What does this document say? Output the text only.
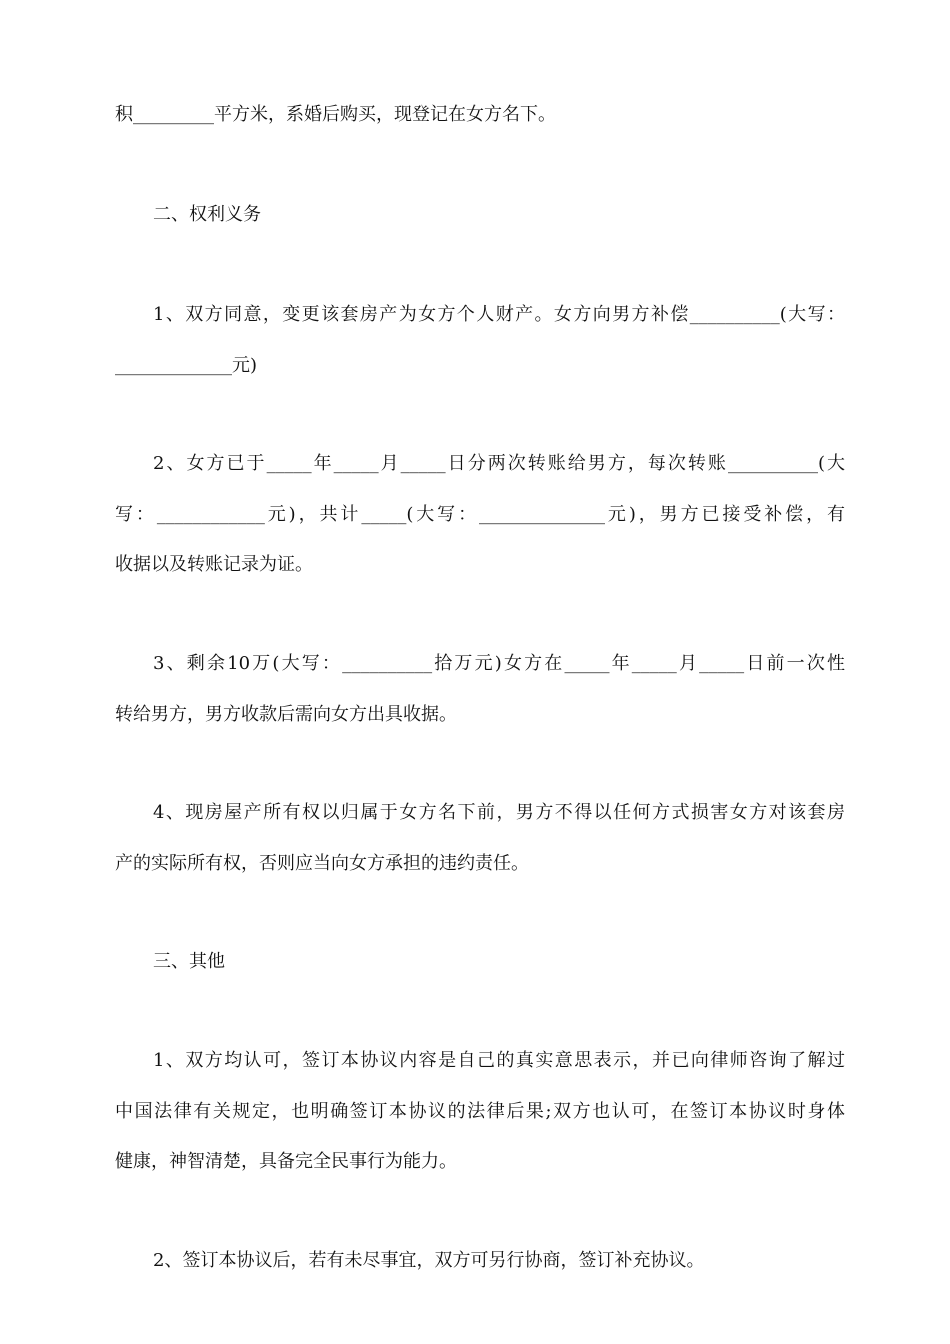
积_________平方米，系婚后购买，现登记在女方名下。
二、权利义务
1、双方同意，变更该套房产为女方个人财产。女方向男方补偿__________(大写：
_____________元)
2、女方已于_____年_____月_____日分两次转账给男方，每次转账__________(大
写：____________元)，共计_____(大写：______________元)，男方已接受补偿，有
收据以及转账记录为证。
3、剩余10万(大写：__________拾万元)女方在_____年_____月_____日前一次性
转给男方，男方收款后需向女方出具收据。
4、现房屋产所有权以归属于女方名下前，男方不得以任何方式损害女方对该套房
产的实际所有权，否则应当向女方承担的违约责任。
三、其他
1、双方均认可，签订本协议内容是自己的真实意思表示，并已向律师咨询了解过
中国法律有关规定，也明确签订本协议的法律后果;双方也认可，在签订本协议时身体
健康，神智清楚，具备完全民事行为能力。
2、签订本协议后，若有未尽事宜，双方可另行协商，签订补充协议。
